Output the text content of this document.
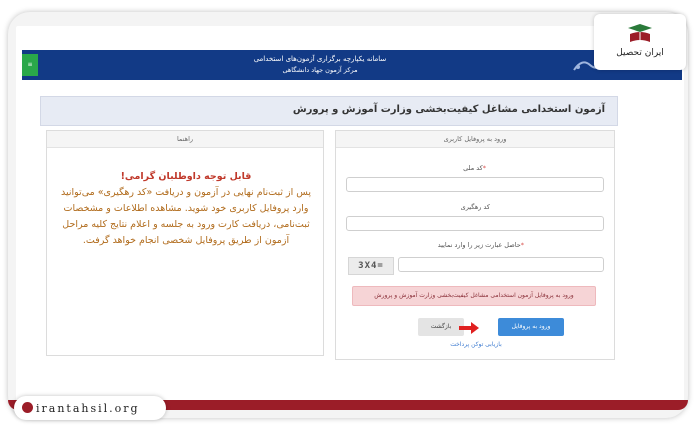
≡
سامانه یکپارچه برگزاری آزمون‌های استخدامی
مرکز آزمون جهاد دانشگاهی
آزمون استخدامی مشاغل کیفیت‌بخشی وزارت آموزش و پرورش
ورود به پروفایل کاربری
*کد ملی
کد رهگیری
*حاصل عبارت زیر را وارد نمایید
3X4=
ورود به پروفایل آزمون استخدامی مشاغل کیفیت‌بخشی وزارت آموزش و پرورش
بازگشت	ورود به پروفایل
بازیابی توکن پرداخت
راهنما
قابل توجه داوطلبان گرامی!
پس از ثبت‌نام نهایی در آزمون و دریافت «کد رهگیری» می‌توانید وارد پروفایل کاربری خود شوید. مشاهده اطلاعات و مشخصات ثبت‌نامی، دریافت کارت ورود به جلسه و اعلام نتایج کلیه مراحل آزمون از طریق پروفایل شخصی انجام خواهد گرفت.
ایران تحصیل
irantahsil.org
